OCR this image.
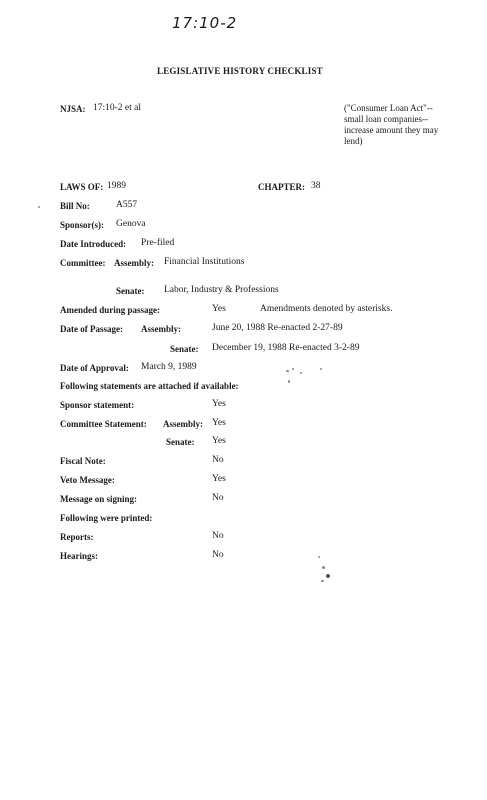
17:10-2
LEGISLATIVE HISTORY CHECKLIST
NJSA: 17:10-2 et al	("Consumer Loan Act"--small loan companies--increase amount they may lend)
LAWS OF: 1989	CHAPTER: 38
Bill No:	A557
Sponsor(s): Genova
Date Introduced: Pre-filed
Committee: Assembly: Financial Institutions
Senate: Labor, Industry & Professions
Amended during passage:	Yes	Amendments denoted by asterisks.
Date of Passage: Assembly:	June 20, 1988 Re-enacted 2-27-89
Senate: December 19, 1988 Re-enacted 3-2-89
Date of Approval: March 9, 1989
Following statements are attached if available:
Sponsor statement:	Yes
Committee Statement: Assembly: Yes
Senate: Yes
Fiscal Note:	No
Veto Message:	Yes
Message on signing:	No
Following were printed:
Reports:	No
Hearings:	No
